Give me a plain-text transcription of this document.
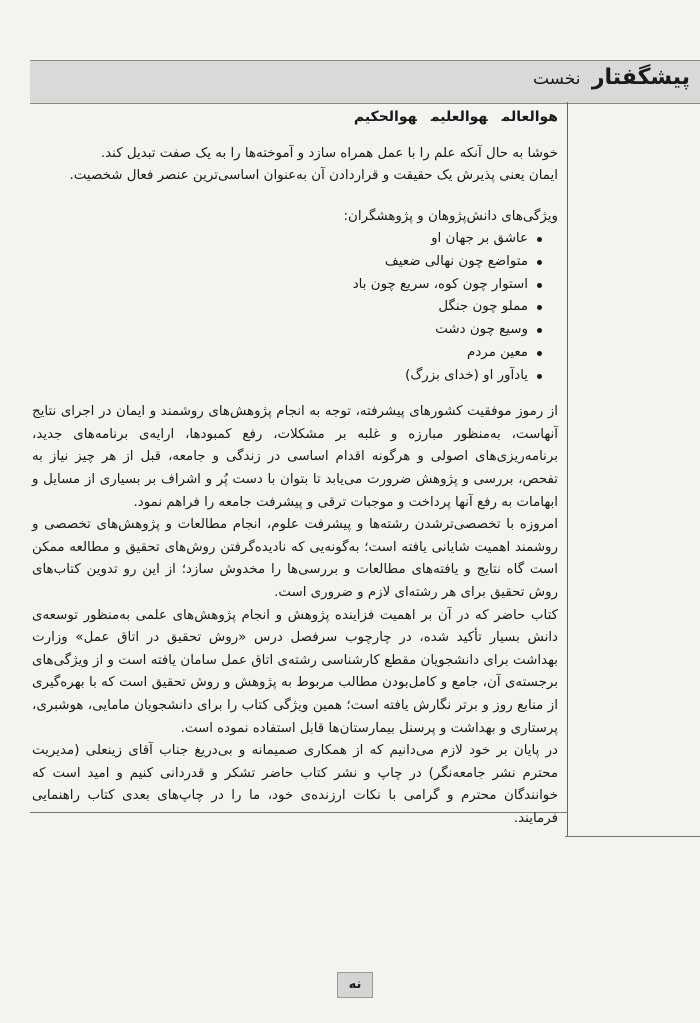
پیشگفتار نخست

هوالعالمهوالعلیمهوالحکیم

خوشا به حال آنکه علم را با عمل همراه سازد و آموخته‌ها را به یک صفت تبدیل کند.
ایمان یعنی پذیرش یک حقیقت و قراردادن آن به‌عنوان اساسی‌ترین عنصر فعال شخصیت.

ویژگی‌های دانش‌پژوهان و پژوهشگران:

عاشق بر جهان او
متواضع چون نهالی ضعیف
استوار چون کوه، سریع چون باد
مملو چون جنگل
وسیع چون دشت
معین مردم
یادآور او (خدای بزرگ)

از رموز موفقیت کشورهای پیشرفته، توجه به انجام پژوهش‌های روشمند و ایمان در اجرای نتایج آنهاست، به‌منظور مبارزه و غلبه بر مشکلات، رفع کمبودها، ارایه‌ی برنامه‌های جدید، برنامه‌ریزی‌های اصولی و هرگونه اقدام اساسی در زندگی و جامعه، قبل از هر چیز نیاز به تفحص، بررسی و پژوهش ضرورت می‌یابد تا بتوان با دست پُر و اشراف بر بسیاری از مسایل و ابهامات به رفع آنها پرداخت و موجبات ترقی و پیشرفت جامعه را فراهم نمود.

امروزه با تخصصی‌ترشدن رشته‌ها و پیشرفت علوم، انجام مطالعات و پژوهش‌های تخصصی و روشمند اهمیت شایانی یافته است؛ به‌گونه‌یی که نادیده‌گرفتن روش‌های تحقیق و مطالعه ممکن است گاه نتایج و یافته‌های مطالعات و بررسی‌ها را مخدوش سازد؛ از این رو تدوین کتاب‌های روش تحقیق برای هر رشته‌ای لازم و ضروری است.

کتاب حاضر که در آن بر اهمیت فزاینده پژوهش و انجام پژوهش‌های علمی به‌منظور توسعه‌ی دانش بسیار تأکید شده، در چارچوب سرفصل درس «روش تحقیق در اتاق عمل» وزارت بهداشت برای دانشجویان مقطع کارشناسی رشته‌ی اتاق عمل سامان یافته است و از ویژگی‌های برجسته‌ی آن، جامع و کامل‌بودن مطالب مربوط به پژوهش و روش تحقیق است که با بهره‌گیری از منابع روز و برتر نگارش یافته است؛ همین ویژگی کتاب را برای دانشجویان مامایی، هوشبری، پرستاری و بهداشت و پرسنل بیمارستان‌ها قابل استفاده نموده است.

در پایان بر خود لازم می‌دانیم که از همکاری صمیمانه و بی‌دریغ جناب آقای زینعلی (مدیریت محترم نشر جامعه‌نگر) در چاپ و نشر کتاب حاضر تشکر و قدردانی کنیم و امید است که خوانندگان محترم و گرامی با نکات ارزنده‌ی خود، ما را در چاپ‌های بعدی کتاب راهنمایی فرمایند.

نه
